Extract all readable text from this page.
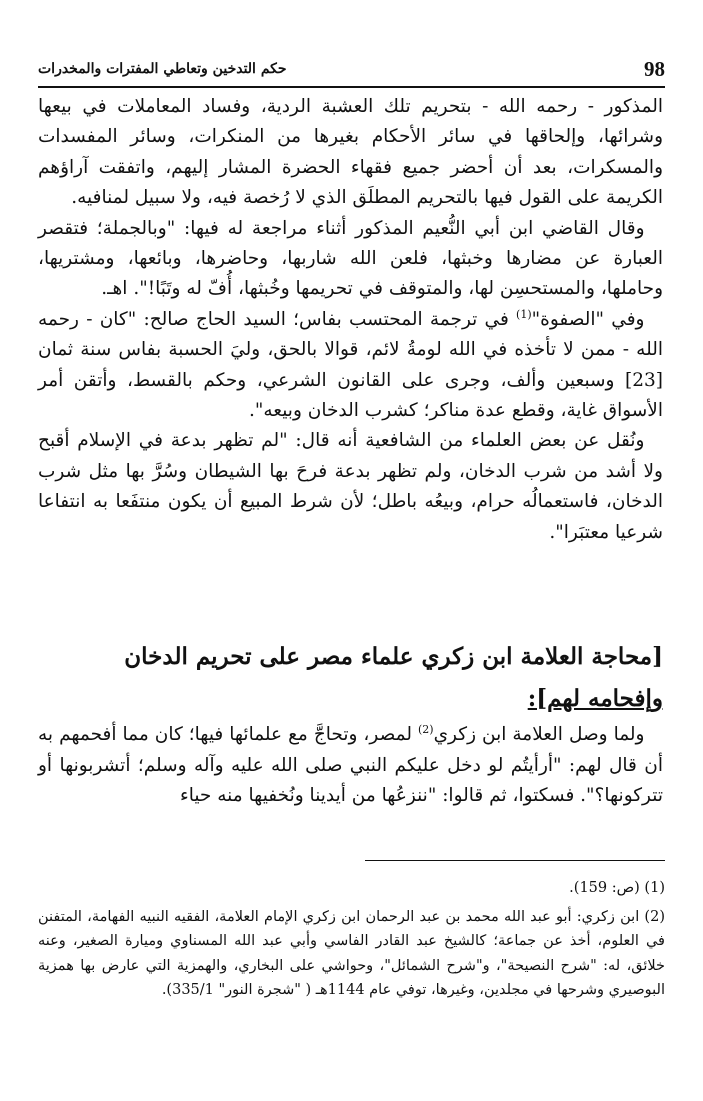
98
حكم التدخين وتعاطي المفترات والمخدرات

المذكور - رحمه الله - بتحريم تلك العشبة الردية، وفساد المعاملات في بيعها وشرائها، وإلحاقها في سائر الأحكام بغيرها من المنكرات، وسائر المفسدات والمسكرات، بعد أن أحضر جميع فقهاء الحضرة المشار إليهم، واتفقت آراؤهم الكريمة على القول فيها بالتحريم المطلَق الذي لا رُخصة فيه، ولا سبيل لمنافيه.

 وقال القاضي ابن أبي النُّعيم المذكور أثناء مراجعة له فيها: "وبالجملة؛ فتقصر العبارة عن مضارها وخبثها، فلعن الله شاربها، وحاضرها، وبائعها، ومشتريها، وحاملها، والمستحسِن لها، والمتوقف في تحريمها وخُبثها، أُفّ له وتَبًا!". اهـ.

 وفي "الصفوة"$^{(1)}$ في ترجمة المحتسب بفاس؛ السيد الحاج صالح: "كان - رحمه الله - ممن لا تأخذه في الله لومةُ لائم، قوالا بالحق، وليَ الحسبة بفاس سنة ثمان [23] وسبعين وألف، وجرى على القانون الشرعي، وحكم بالقسط، وأتقن أمر الأسواق غاية، وقطع عدة مناكر؛ كشرب الدخان وبيعه".

 ونُقل عن بعض العلماء من الشافعية أنه قال: "لم تظهر بدعة في الإسلام أقبح ولا أشد من شرب الدخان، ولم تظهر بدعة فرحَ بها الشيطان وسُرَّ بها مثل شرب الدخان، فاستعمالُه حرام، وبيعُه باطل؛ لأن شرط المبيع أن يكون منتفَعا به انتفاعا شرعيا معتبَرا".

[محاجة العلامة ابن زكري علماء مصر على تحريم الدخان
وإفحامه لهم]:

 ولما وصل العلامة ابن زكري$^{(2)}$ لمصر، وتحاجَّ مع علمائها فيها؛ كان مما أفحمهم به أن قال لهم: "أرأيتُم لو دخل عليكم النبي صلى الله عليه وآله وسلم؛ أتشربونها أو تتركونها؟". فسكتوا، ثم قالوا: "ننزعُها من أيدينا ونُخفيها منه حياء

(1) (ص: 159).

(2) ابن زكري: أبو عبد الله محمد بن عبد الرحمان ابن زكري الإمام العلامة، الفقيه النبيه الفهامة، المتفنن في العلوم، أخذ عن جماعة؛ كالشيخ عبد القادر الفاسي وأبي عبد الله المسناوي وميارة الصغير، وعنه خلائق، له: "شرح النصيحة"، و"شرح الشمائل"، وحواشي على البخاري، والهمزية التي عارض بها همزية البوصيري وشرحها في مجلدين، وغيرها، توفي عام 1144هـ ( "شجرة النور" 335/1).
